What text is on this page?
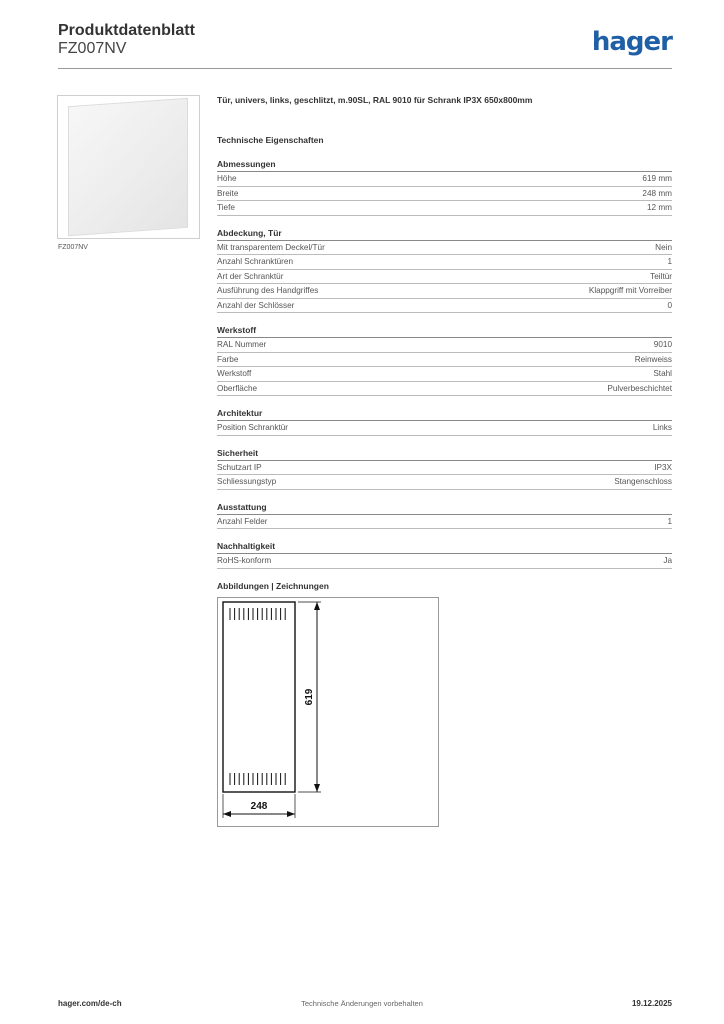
Produktdatenblatt
FZ007NV	hager
FZ007NV
Tür, univers, links, geschlitzt, m.90SL, RAL 9010 für Schrank IP3X 650x800mm
Technische Eigenschaften
Abmessungen
Höhe	619 mm
Breite	248 mm
Tiefe	12 mm
Abdeckung, Tür
Mit transparentem Deckel/Tür	Nein
Anzahl Schranktüren	1
Art der Schranktür	Teiltür
Ausführung des Handgriffes	Klappgriff mit Vorreiber
Anzahl der Schlösser	0
Werkstoff
RAL Nummer	9010
Farbe	Reinweiss
Werkstoff	Stahl
Oberfläche	Pulverbeschichtet
Architektur
Position Schranktür	Links
Sicherheit
Schutzart IP	IP3X
Schliessungstyp	Stangenschloss
Ausstattung
Anzahl Felder	1
Nachhaltigkeit
RoHS-konform	Ja
Abbildungen | Zeichnungen
619
248
hager.com/de-ch	Technische Änderungen vorbehalten	19.12.2025
